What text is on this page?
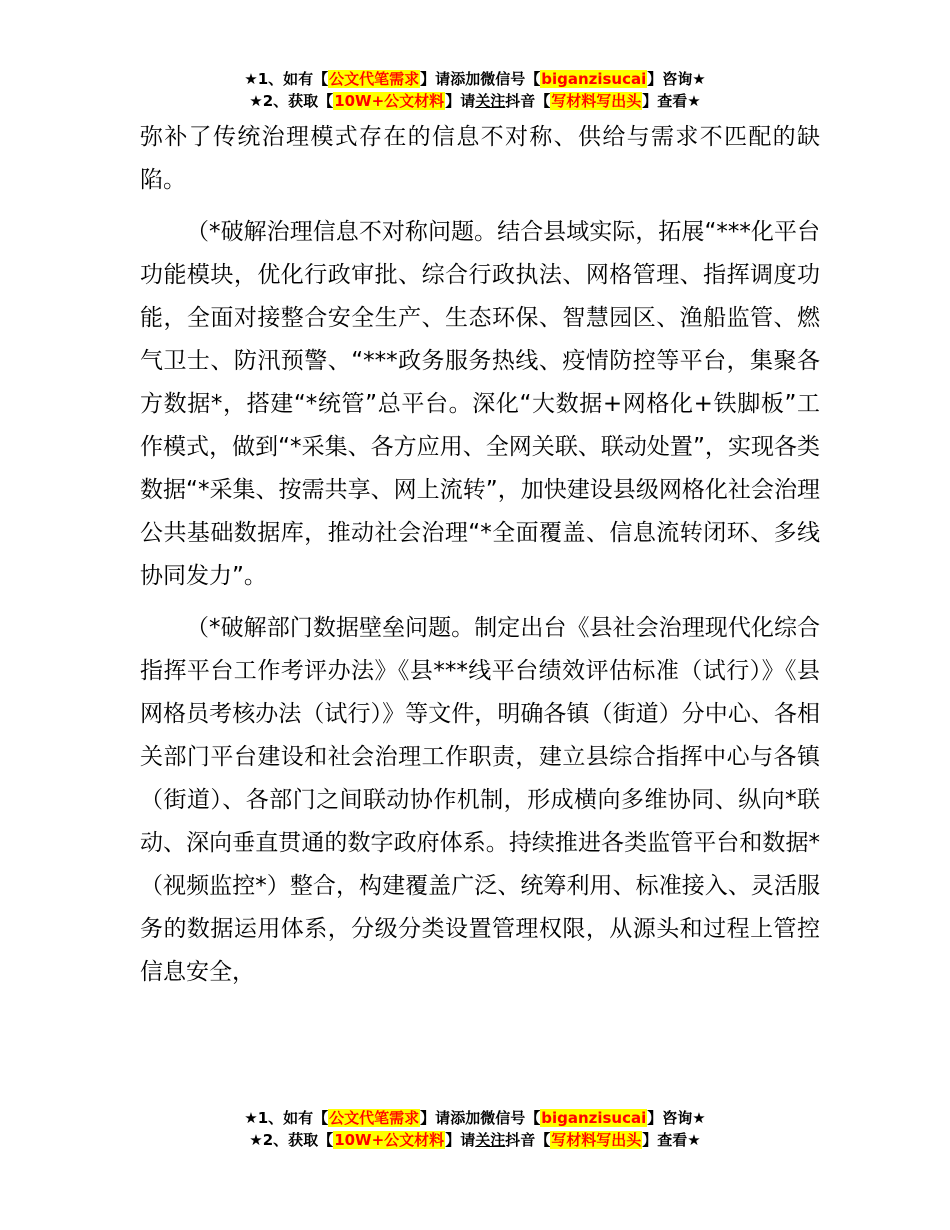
★1、如有【公文代笔需求】请添加微信号【biganzisucai】咨询★
★2、获取【10W+公文材料】请关注抖音【写材料写出头】查看★

弥补了传统治理模式存在的信息不对称、供给与需求不匹配的缺陷。

（*破解治理信息不对称问题。结合县域实际，拓展“***化平台功能模块，优化行政审批、综合行政执法、网格管理、指挥调度功能，全面对接整合安全生产、生态环保、智慧园区、渔船监管、燃气卫士、防汛预警、“***政务服务热线、疫情防控等平台，集聚各方数据*，搭建“*统管”总平台。深化“大数据+网格化+铁脚板”工作模式，做到“*采集、各方应用、全网关联、联动处置”，实现各类数据“*采集、按需共享、网上流转”，加快建设县级网格化社会治理公共基础数据库，推动社会治理“*全面覆盖、信息流转闭环、多线协同发力”。

（*破解部门数据壁垒问题。制定出台《县社会治理现代化综合指挥平台工作考评办法》《县***线平台绩效评估标准（试行）》《县网格员考核办法（试行）》等文件，明确各镇（街道）分中心、各相关部门平台建设和社会治理工作职责，建立县综合指挥中心与各镇（街道）、各部门之间联动协作机制，形成横向多维协同、纵向*联动、深向垂直贯通的数字政府体系。持续推进各类监管平台和数据*（视频监控*）整合，构建覆盖广泛、统筹利用、标准接入、灵活服务的数据运用体系，分级分类设置管理权限，从源头和过程上管控信息安全，

★1、如有【公文代笔需求】请添加微信号【biganzisucai】咨询★
★2、获取【10W+公文材料】请关注抖音【写材料写出头】查看★
